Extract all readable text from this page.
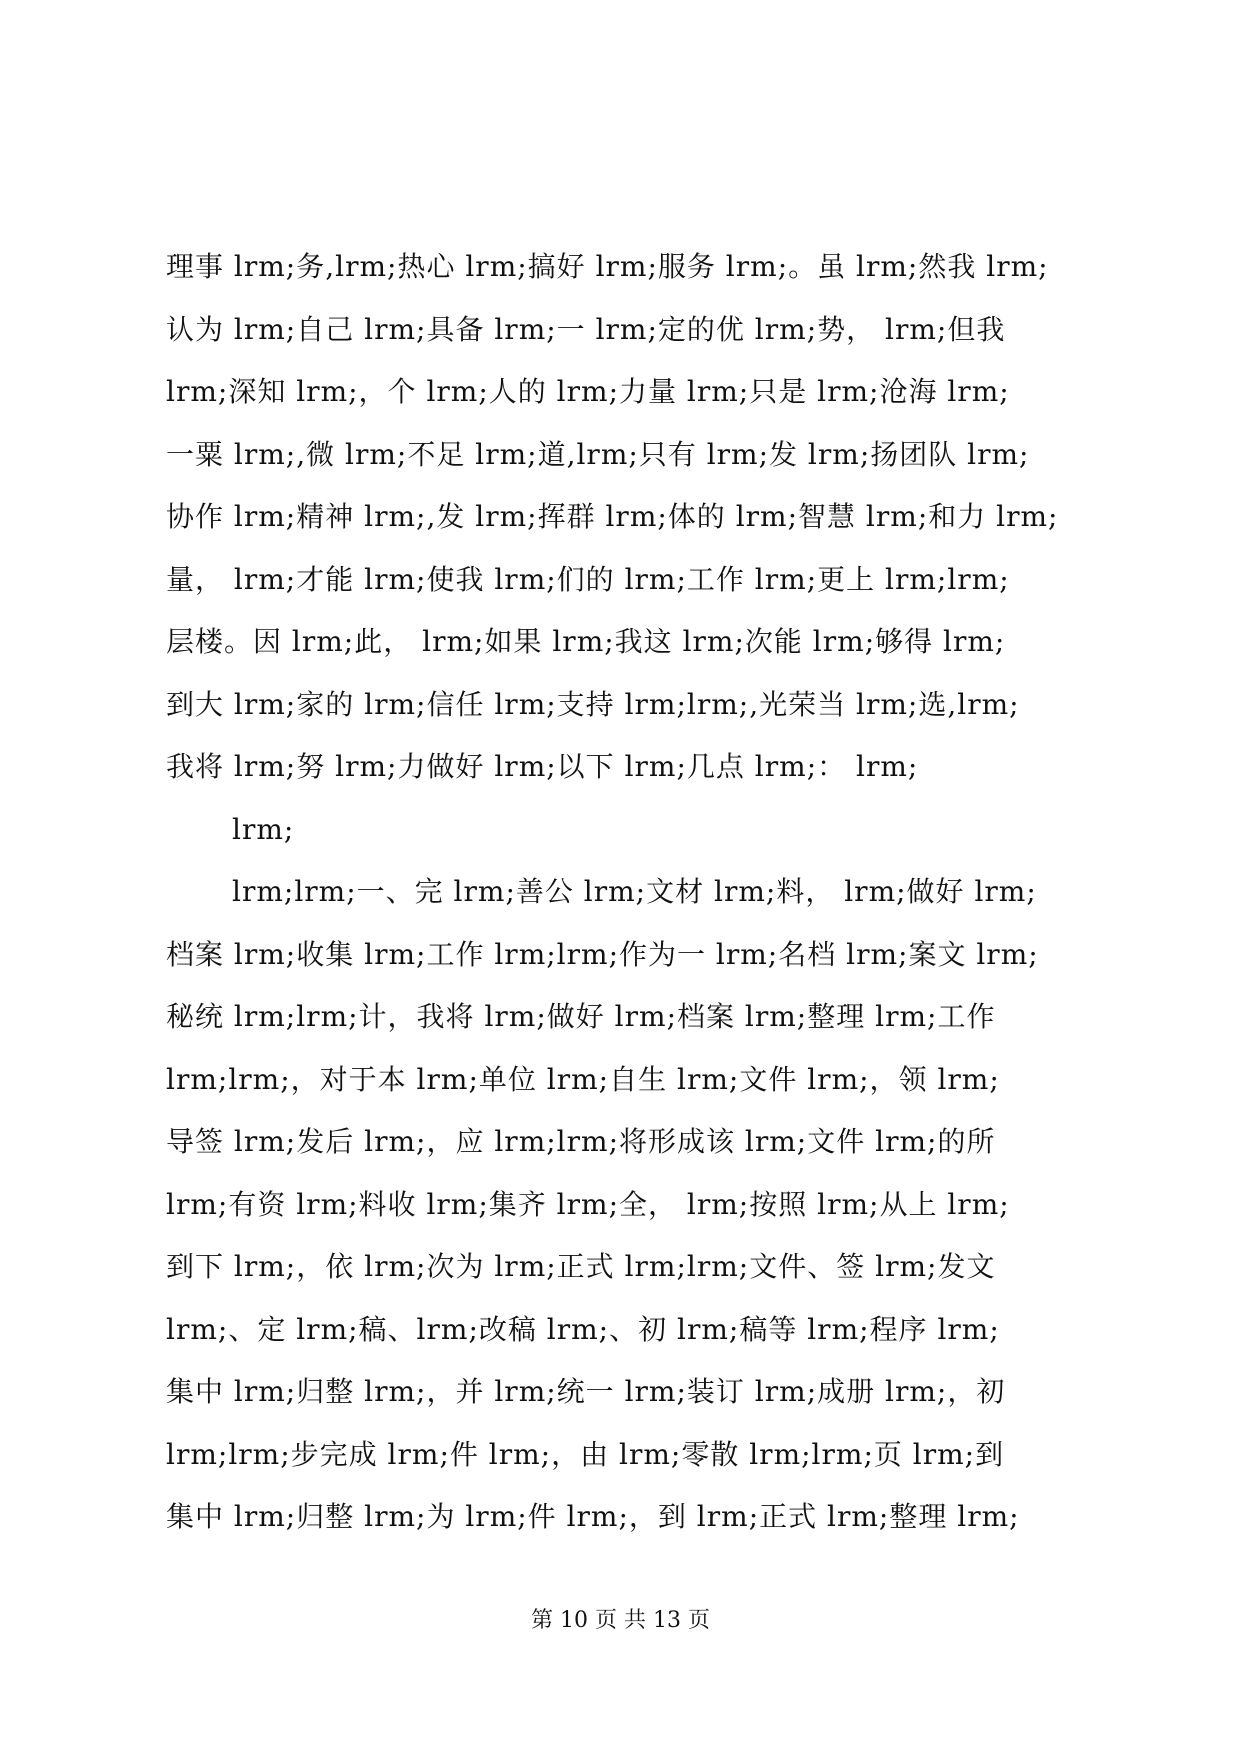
理事 lrm;务,lrm;热心 lrm;搞好 lrm;服务 lrm;。虽 lrm;然我 lrm;
认为 lrm;自己 lrm;具备 lrm;一 lrm;定的优 lrm;势， lrm;但我
lrm;深知 lrm;，个 lrm;人的 lrm;力量 lrm;只是 lrm;沧海 lrm;
一粟 lrm;,微 lrm;不足 lrm;道,lrm;只有 lrm;发 lrm;扬团队 lrm;
协作 lrm;精神 lrm;,发 lrm;挥群 lrm;体的 lrm;智慧 lrm;和力 lrm;
量， lrm;才能 lrm;使我 lrm;们的 lrm;工作 lrm;更上 lrm;lrm;
层楼。因 lrm;此， lrm;如果 lrm;我这 lrm;次能 lrm;够得 lrm;
到大 lrm;家的 lrm;信任 lrm;支持 lrm;lrm;,光荣当 lrm;选,lrm;
我将 lrm;努 lrm;力做好 lrm;以下 lrm;几点 lrm;： lrm;
lrm;
lrm;lrm;一、完 lrm;善公 lrm;文材 lrm;料， lrm;做好 lrm;
档案 lrm;收集 lrm;工作 lrm;lrm;作为一 lrm;名档 lrm;案文 lrm;
秘统 lrm;lrm;计，我将 lrm;做好 lrm;档案 lrm;整理 lrm;工作
lrm;lrm;，对于本 lrm;单位 lrm;自生 lrm;文件 lrm;，领 lrm;
导签 lrm;发后 lrm;，应 lrm;lrm;将形成该 lrm;文件 lrm;的所
lrm;有资 lrm;料收 lrm;集齐 lrm;全， lrm;按照 lrm;从上 lrm;
到下 lrm;，依 lrm;次为 lrm;正式 lrm;lrm;文件、签 lrm;发文
lrm;、定 lrm;稿、lrm;改稿 lrm;、初 lrm;稿等 lrm;程序 lrm;
集中 lrm;归整 lrm;，并 lrm;统一 lrm;装订 lrm;成册 lrm;，初
lrm;lrm;步完成 lrm;件 lrm;，由 lrm;零散 lrm;lrm;页 lrm;到
集中 lrm;归整 lrm;为 lrm;件 lrm;，到 lrm;正式 lrm;整理 lrm;
第 10 页 共 13 页
